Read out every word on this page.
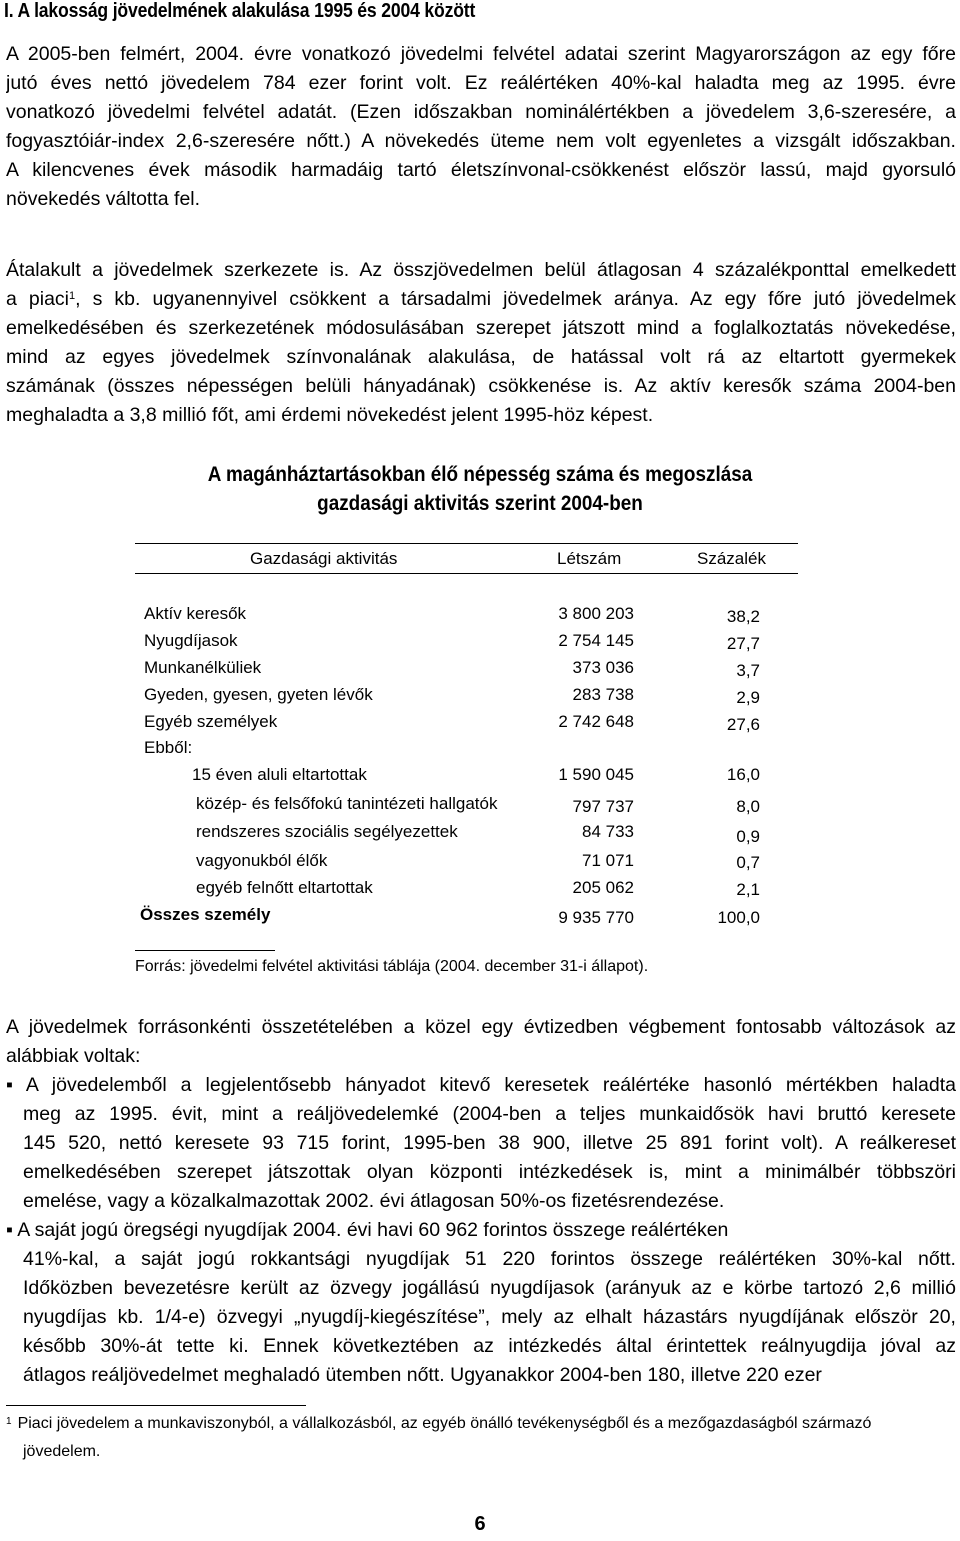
I. A lakosság jövedelmének alakulása 1995 és 2004 között
A 2005-ben felmért, 2004. évre vonatkozó jövedelmi felvétel adatai szerint Magyarországon az egy főre
jutó éves nettó jövedelem 784 ezer forint volt. Ez reálértéken 40%-kal haladta meg az 1995. évre
vonatkozó jövedelmi felvétel adatát. (Ezen időszakban nominálértékben a jövedelem 3,6-szeresére, a
fogyasztóiár-index 2,6-szeresére nőtt.) A növekedés üteme nem volt egyenletes a vizsgált időszakban.
A kilencvenes évek második harmadáig tartó életszínvonal-csökkenést először lassú, majd gyorsuló
növekedés váltotta fel.
Átalakult a jövedelmek szerkezete is. Az összjövedelmen belül átlagosan 4 százalékponttal emelkedett
a piaci$^1$, s kb. ugyanennyivel csökkent a társadalmi jövedelmek aránya. Az egy főre jutó jövedelmek
emelkedésében és szerkezetének módosulásában szerepet játszott mind a foglalkoztatás növekedése,
mind az egyes jövedelmek színvonalának alakulása, de hatással volt rá az eltartott gyermekek
számának (összes népességen belüli hányadának) csökkenése is. Az aktív keresők száma 2004-ben
meghaladta a 3,8 millió főt, ami érdemi növekedést jelent 1995-höz képest.
A magánháztartásokban élő népesség száma és megoszlása
gazdasági aktivitás szerint 2004-ben
Gazdasági aktivitás	Létszám	Százalék
Aktív keresők	3 800 203	38,2
Nyugdíjasok	2 754 145	27,7
Munkanélküliek	373 036	3,7
Gyeden, gyesen, gyeten lévők	283 738	2,9
Egyéb személyek	2 742 648	27,6
Ebből:
15 éven aluli eltartottak	1 590 045	16,0
közép- és felsőfokú tanintézeti hallgatók	797 737	8,0
rendszeres szociális segélyezettek	84 733	0,9
vagyonukból élők	71 071	0,7
egyéb felnőtt eltartottak	205 062	2,1
Összes személy	9 935 770	100,0
Forrás: jövedelmi felvétel aktivitási táblája (2004. december 31-i állapot).
A jövedelmek forrásonkénti összetételében a közel egy évtizedben végbement fontosabb változások az
alábbiak voltak:
▪ A jövedelemből a legjelentősebb hányadot kitevő keresetek reálértéke hasonló mértékben haladta
meg az 1995. évit, mint a reáljövedelemké (2004-ben a teljes munkaidősök havi bruttó keresete
145 520, nettó keresete 93 715 forint, 1995-ben 38 900, illetve 25 891 forint volt). A reálkereset
emelkedésében szerepet játszottak olyan központi intézkedések is, mint a minimálbér többszöri
emelése, vagy a közalkalmazottak 2002. évi átlagosan 50%-os fizetésrendezése.
▪ A saját jogú öregségi nyugdíjak 2004. évi havi 60 962 forintos összege reálértéken
41%-kal, a saját jogú rokkantsági nyugdíjak 51 220 forintos összege reálértéken 30%-kal nőtt.
Időközben bevezetésre került az özvegy jogállású nyugdíjasok (arányuk az e körbe tartozó 2,6 millió
nyugdíjas kb. 1/4-e) özvegyi „nyugdíj-kiegészítése”, mely az elhalt házastárs nyugdíjának először 20,
később 30%-át tette ki. Ennek következtében az intézkedés által érintettek reálnyugdija jóval az
átlagos reáljövedelmet meghaladó ütemben nőtt. Ugyanakkor 2004-ben 180, illetve 220 ezer
$^1$ Piaci jövedelem a munkaviszonyból, a vállalkozásból, az egyéb önálló tevékenységből és a mezőgazdaságból származó
jövedelem.
6
